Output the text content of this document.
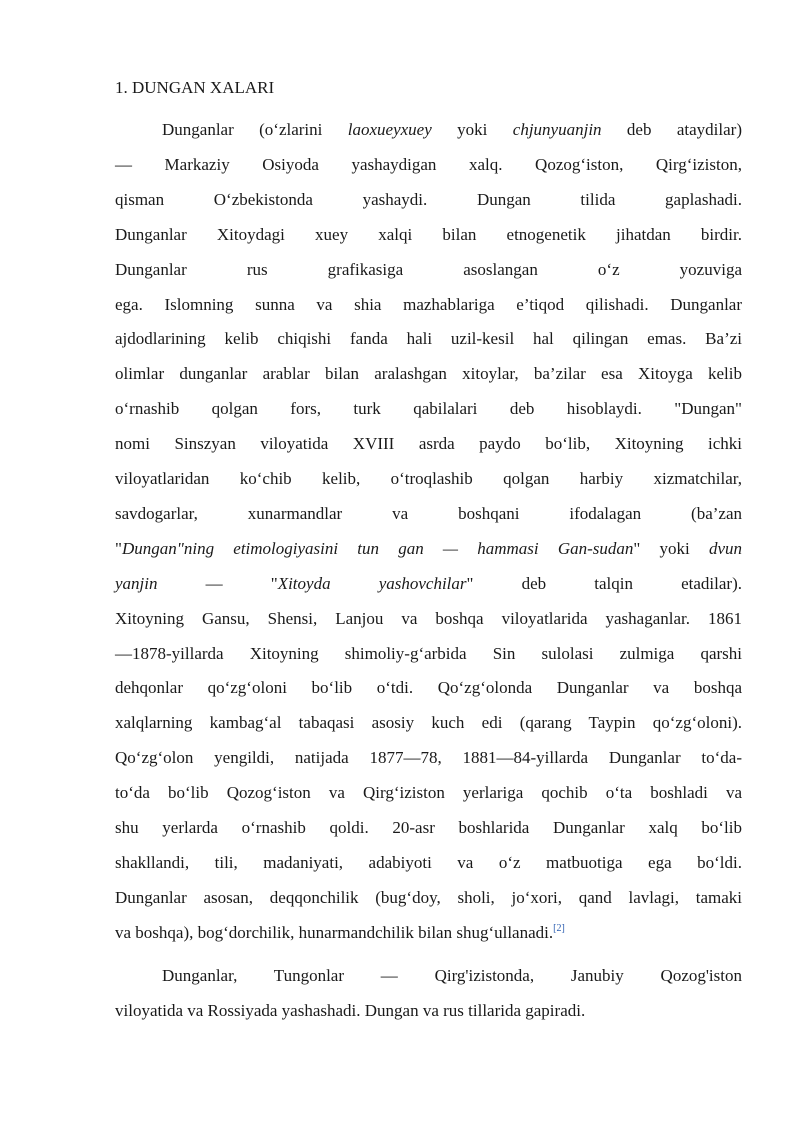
1. DUNGAN XALARI
Dunganlar (o‘zlarini laoxueyxuey yoki chjunyuanjin deb ataydilar)
— Markaziy Osiyoda yashaydigan xalq. Qozog‘iston, Qirg‘iziston,
qisman O‘zbekistonda yashaydi. Dungan tilida gaplashadi.
Dunganlar Xitoydagi xuey xalqi bilan etnogenetik jihatdan birdir.
Dunganlar rus grafikasiga asoslangan o‘z yozuviga
ega. Islomning sunna va shia mazhablariga e’tiqod qilishadi. Dunganlar
ajdodlarining kelib chiqishi fanda hali uzil-kesil hal qilingan emas. Ba’zi
olimlar dunganlar arablar bilan aralashgan xitoylar, ba’zilar esa Xitoyga kelib
o‘rnashib qolgan fors, turk qabilalari deb hisoblaydi. "Dungan"
nomi Sinszyan viloyatida XVIII asrda paydo bo‘lib, Xitoyning ichki
viloyatlaridan ko‘chib kelib, o‘troqlashib qolgan harbiy xizmatchilar,
savdogarlar, xunarmandlar va boshqani ifodalagan (ba’zan
"Dungan"ning etimologiyasini tun gan — hammasi Gan-sudan" yoki dvun
yanjin — "Xitoyda yashovchilar" deb talqin etadilar).
Xitoyning Gansu, Shensi, Lanjou va boshqa viloyatlarida yashaganlar. 1861
—1878-yillarda Xitoyning shimoliy-g‘arbida Sin sulolasi zulmiga qarshi
dehqonlar qo‘zg‘oloni bo‘lib o‘tdi. Qo‘zg‘olonda Dunganlar va boshqa
xalqlarning kambag‘al tabaqasi asosiy kuch edi (qarang Taypin qo‘zg‘oloni).
Qo‘zg‘olon yengildi, natijada 1877—78, 1881—84-yillarda Dunganlar to‘da-
to‘da bo‘lib Qozog‘iston va Qirg‘iziston yerlariga qochib o‘ta boshladi va
shu yerlarda o‘rnashib qoldi. 20-asr boshlarida Dunganlar xalq bo‘lib
shakllandi, tili, madaniyati, adabiyoti va o‘z matbuotiga ega bo‘ldi.
Dunganlar asosan, deqqonchilik (bug‘doy, sholi, jo‘xori, qand lavlagi, tamaki
va boshqa), bog‘dorchilik, hunarmandchilik bilan shug‘ullanadi.[2]
Dunganlar, Tungonlar — Qirg'izistonda, Janubiy Qozog'iston
viloyatida va Rossiyada yashashadi. Dungan va rus tillarida gapiradi.
